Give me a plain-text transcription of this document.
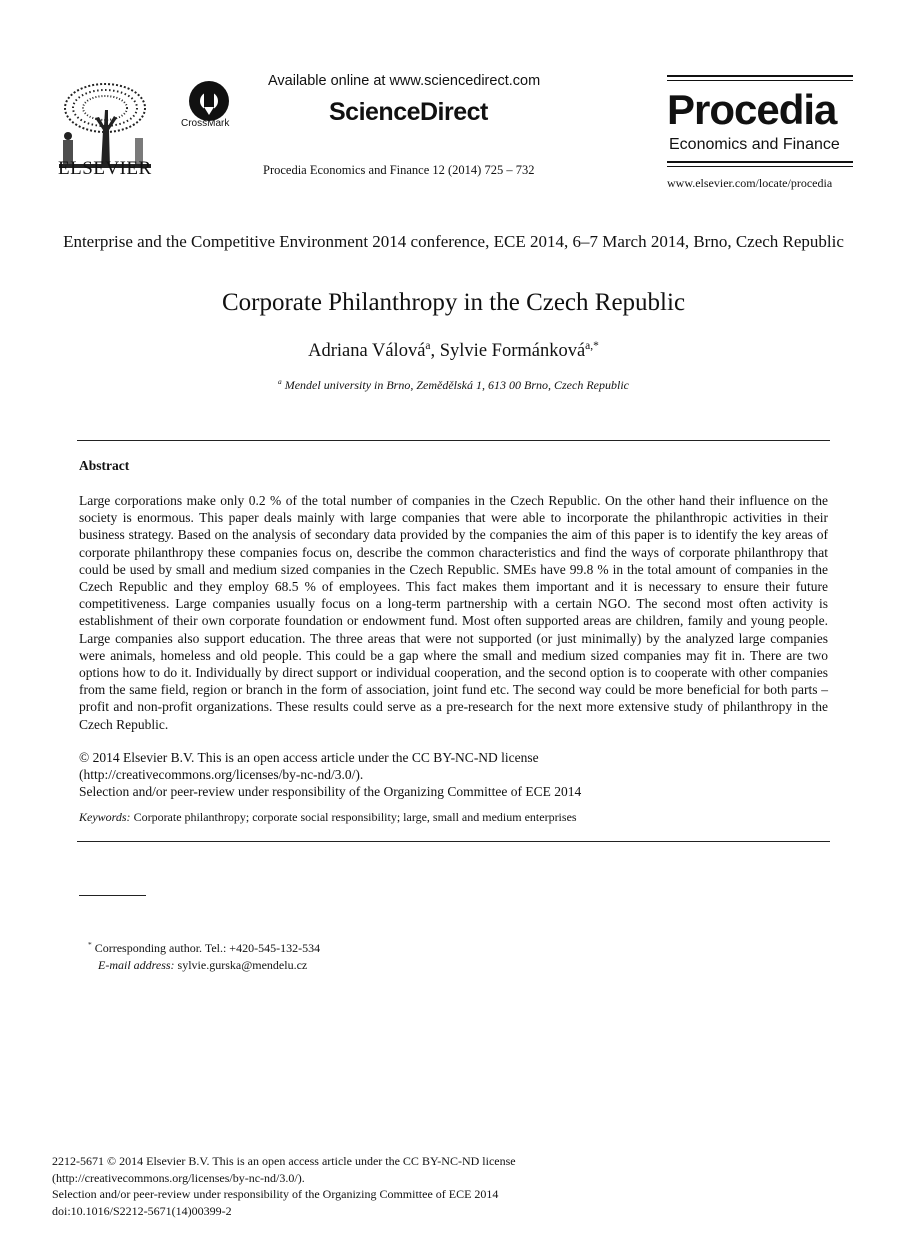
ELSEVIER
CrossMark
Available online at www.sciencedirect.com
ScienceDirect
Procedia Economics and Finance 12 (2014) 725 – 732
Procedia
Economics and Finance
www.elsevier.com/locate/procedia
Enterprise and the Competitive Environment 2014 conference, ECE 2014, 6–7 March 2014, Brno, Czech Republic
Corporate Philanthropy in the Czech Republic
Adriana Válová$^a$, Sylvie Formánková$^{a,*}$
$^a$ Mendel university in Brno, Zemědělská 1, 613 00 Brno, Czech Republic
Abstract
Large corporations make only 0.2 % of the total number of companies in the Czech Republic. On the other hand their influence on the society is enormous. This paper deals mainly with large companies that were able to incorporate the philanthropic activities in their business strategy. Based on the analysis of secondary data provided by the companies the aim of this paper is to identify the key areas of corporate philanthropy these companies focus on, describe the common characteristics and find the ways of corporate philanthropy that could be used by small and medium sized companies in the Czech Republic. SMEs have 99.8 % in the total amount of companies in the Czech Republic and they employ 68.5 % of employees. This fact makes them important and it is necessary to ensure their future competitiveness. Large companies usually focus on a long-term partnership with a certain NGO. The second most often activity is establishment of their own corporate foundation or endowment fund. Most often supported areas are children, family and young people. Large companies also support education. The three areas that were not supported (or just minimally) by the analyzed large companies were animals, homeless and old people. This could be a gap where the small and medium sized companies may fit in. There are two options how to do it. Individually by direct support or individual cooperation, and the second option is to cooperate with other companies from the same field, region or branch in the form of association, joint fund etc. The second way could be more beneficial for both parts – profit and non-profit organizations. These results could serve as a pre-research for the next more extensive study of philanthropy in the Czech Republic.
© 2014 Elsevier B.V. This is an open access article under the CC BY-NC-ND license
(http://creativecommons.org/licenses/by-nc-nd/3.0/).
Selection and/or peer-review under responsibility of the Organizing Committee of ECE 2014
Keywords: Corporate philanthropy; corporate social responsibility; large, small and medium enterprises
* Corresponding author. Tel.: +420-545-132-534
E-mail address: sylvie.gurska@mendelu.cz
2212-5671 © 2014 Elsevier B.V. This is an open access article under the CC BY-NC-ND license
(http://creativecommons.org/licenses/by-nc-nd/3.0/).
Selection and/or peer-review under responsibility of the Organizing Committee of ECE 2014
doi:10.1016/S2212-5671(14)00399-2
